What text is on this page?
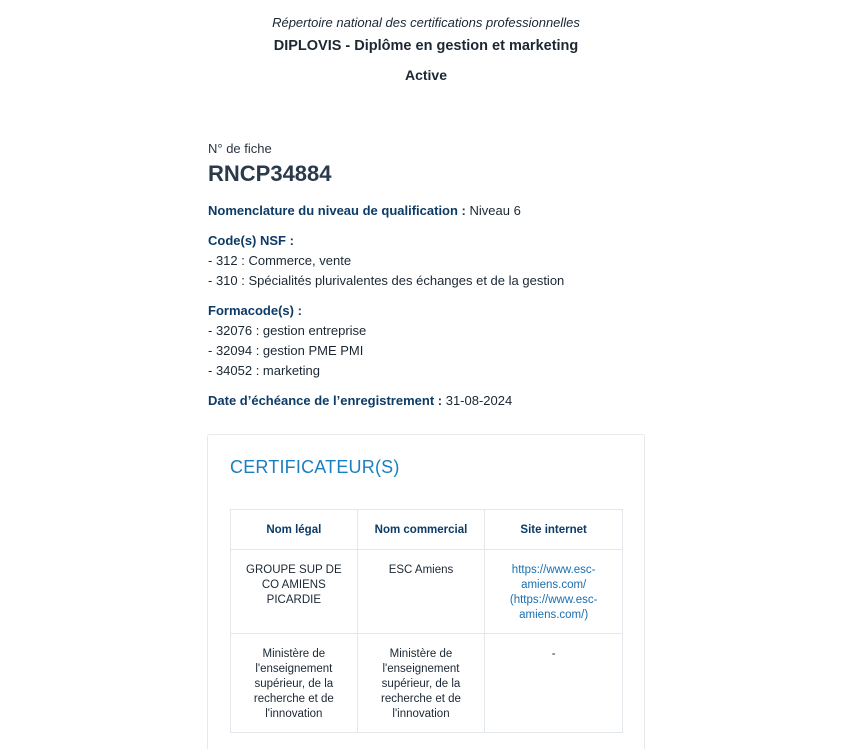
Répertoire national des certifications professionnelles
DIPLOVIS - Diplôme en gestion et marketing
Active
N° de fiche
RNCP34884
Nomenclature du niveau de qualification : Niveau 6
Code(s) NSF :
- 312 : Commerce, vente
- 310 : Spécialités plurivalentes des échanges et de la gestion
Formacode(s) :
- 32076 : gestion entreprise
- 32094 : gestion PME PMI
- 34052 : marketing
Date d’échéance de l’enregistrement : 31-08-2024
CERTIFICATEUR(S)
Nom légal	Nom commercial	Site internet
GROUPE SUP DE CO AMIENS PICARDIE	ESC Amiens	https://www.esc-amiens.com/ (https://www.esc-amiens.com/)
Ministère de l'enseignement supérieur, de la recherche et de l'innovation	Ministère de l'enseignement supérieur, de la recherche et de l'innovation	-
